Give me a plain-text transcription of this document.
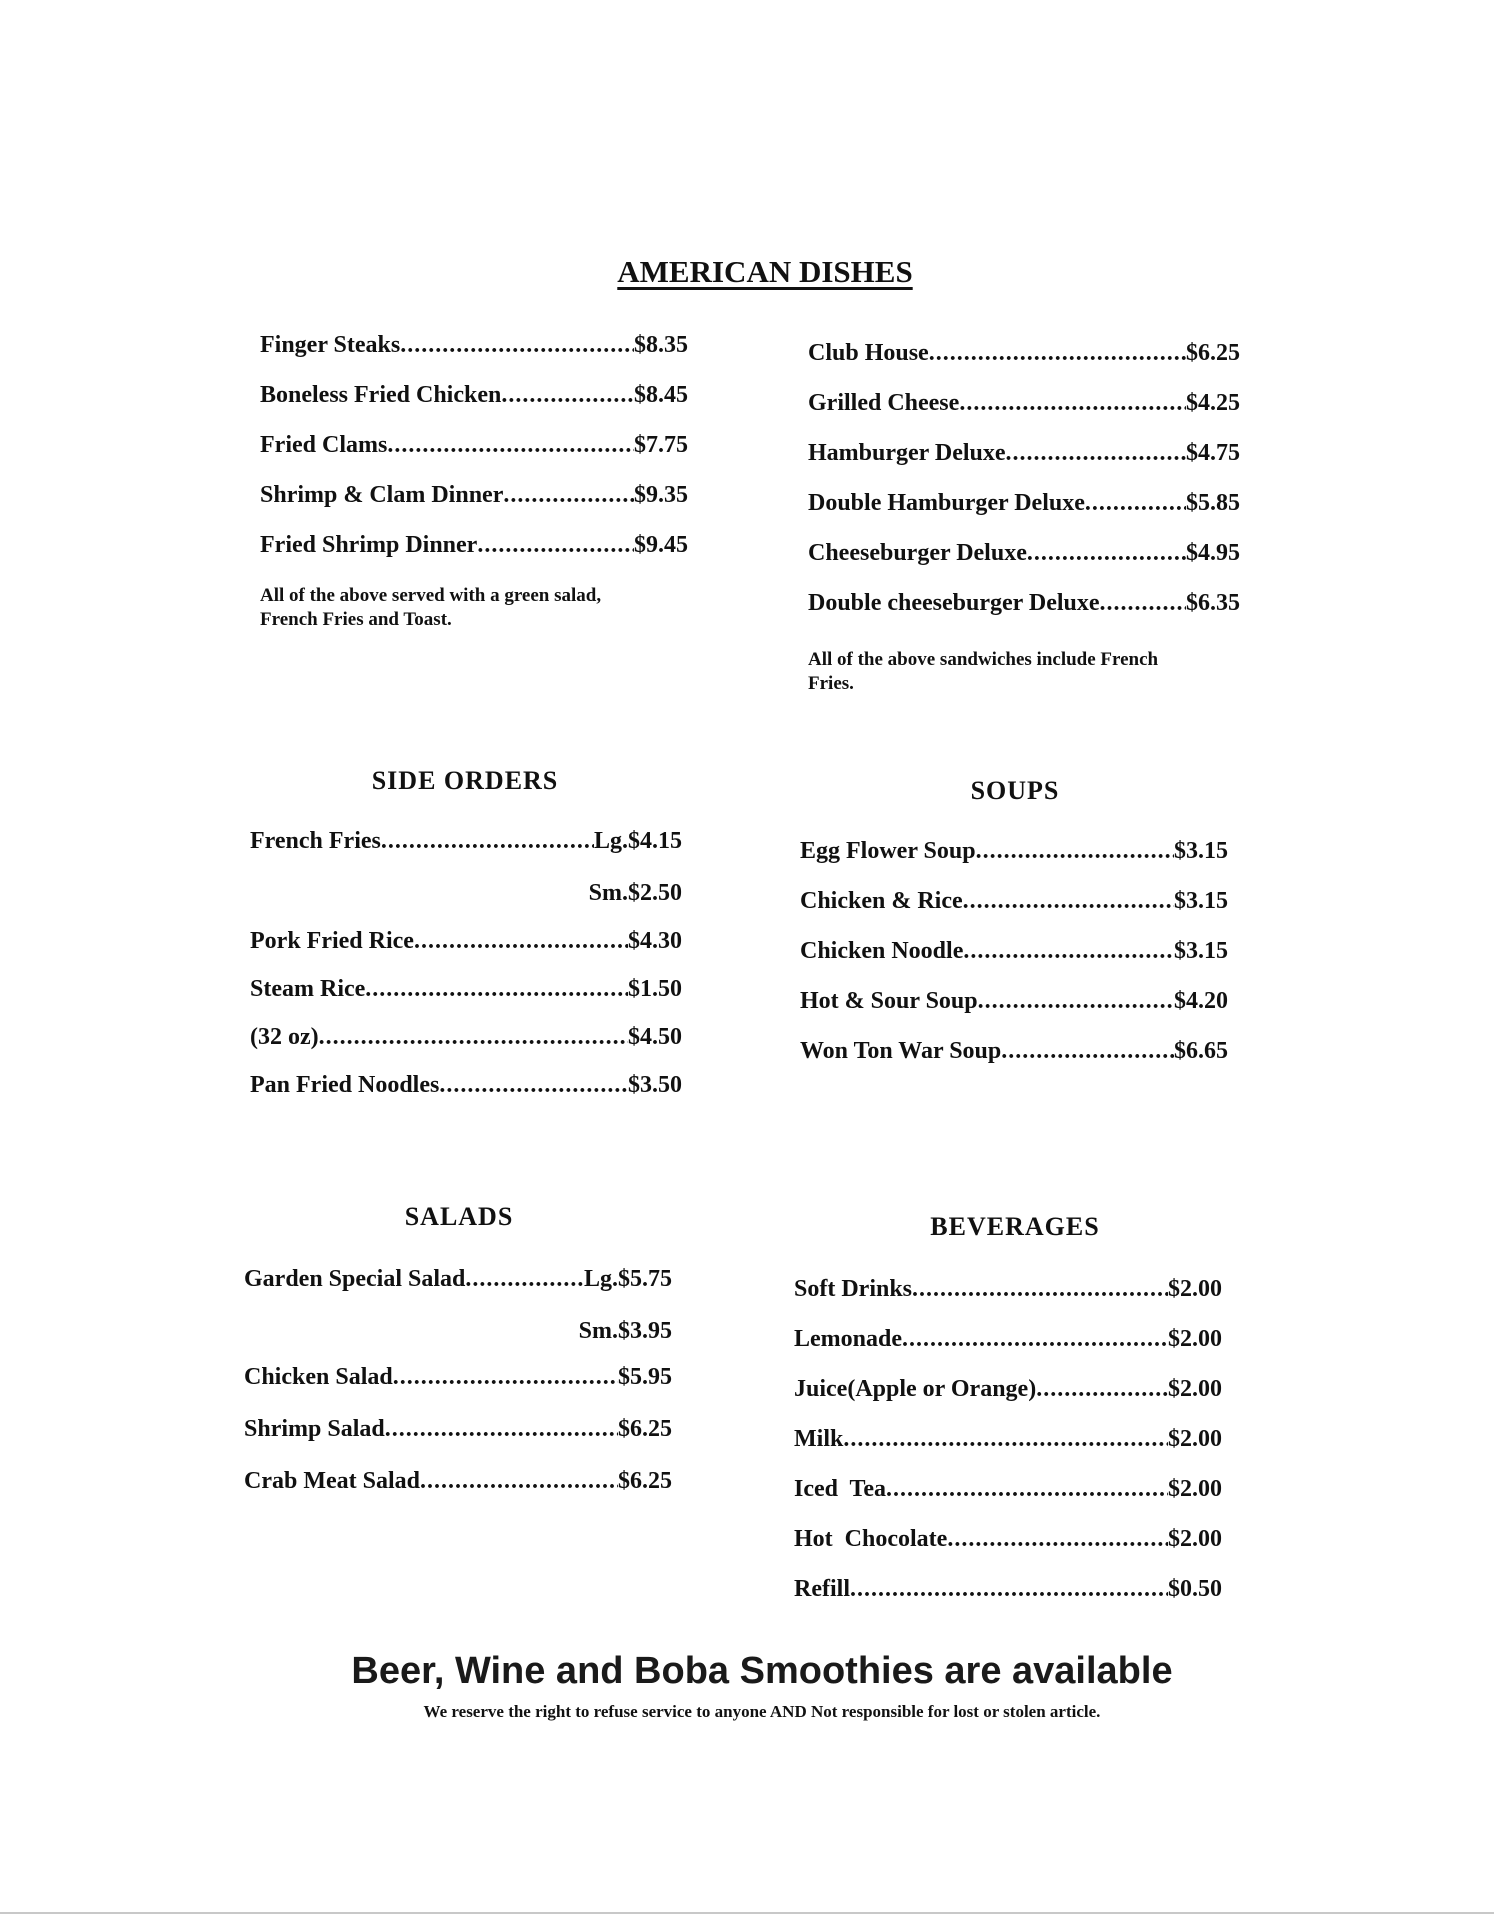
AMERICAN DISHES
Finger Steaks .....	$8.35
Boneless Fried Chicken .....	$8.45
Fried Clams .....	$7.75
Shrimp & Clam Dinner .....	$9.35
Fried Shrimp Dinner .....	$9.45

All of the above served with a green salad,
French Fries and Toast.

Club House .....	$6.25
Grilled Cheese .....	$4.25
Hamburger Deluxe .....	$4.75
Double Hamburger Deluxe .....	$5.85
Cheeseburger Deluxe .....	$4.95
Double cheeseburger Deluxe .....	$6.35

All of the above sandwiches include French
Fries.

SIDE ORDERS
French Fries .....	Lg.$4.15
Sm.$2.50
Pork Fried Rice .....	$4.30
Steam Rice .....	$1.50
(32 oz) .....	$4.50
Pan Fried Noodles .....	$3.50
SOUPS
Egg Flower Soup .....	$3.15
Chicken & Rice .....	$3.15
Chicken Noodle .....	$3.15
Hot & Sour Soup .....	$4.20
Won Ton War Soup .....	$6.65
SALADS
Garden Special Salad .....	Lg.$5.75
Sm.$3.95
Chicken Salad .....	$5.95
Shrimp Salad .....	$6.25
Crab Meat Salad .....	$6.25
BEVERAGES
Soft Drinks .....	$2.00
Lemonade .....	$2.00
Juice(Apple or Orange) .....	$2.00
Milk .....	$2.00
Iced  Tea .....	$2.00
Hot  Chocolate .....	$2.00
Refill .....	$0.50

Beer, Wine and Boba Smoothies are available

We reserve the right to refuse service to anyone AND Not responsible for lost or stolen article.
